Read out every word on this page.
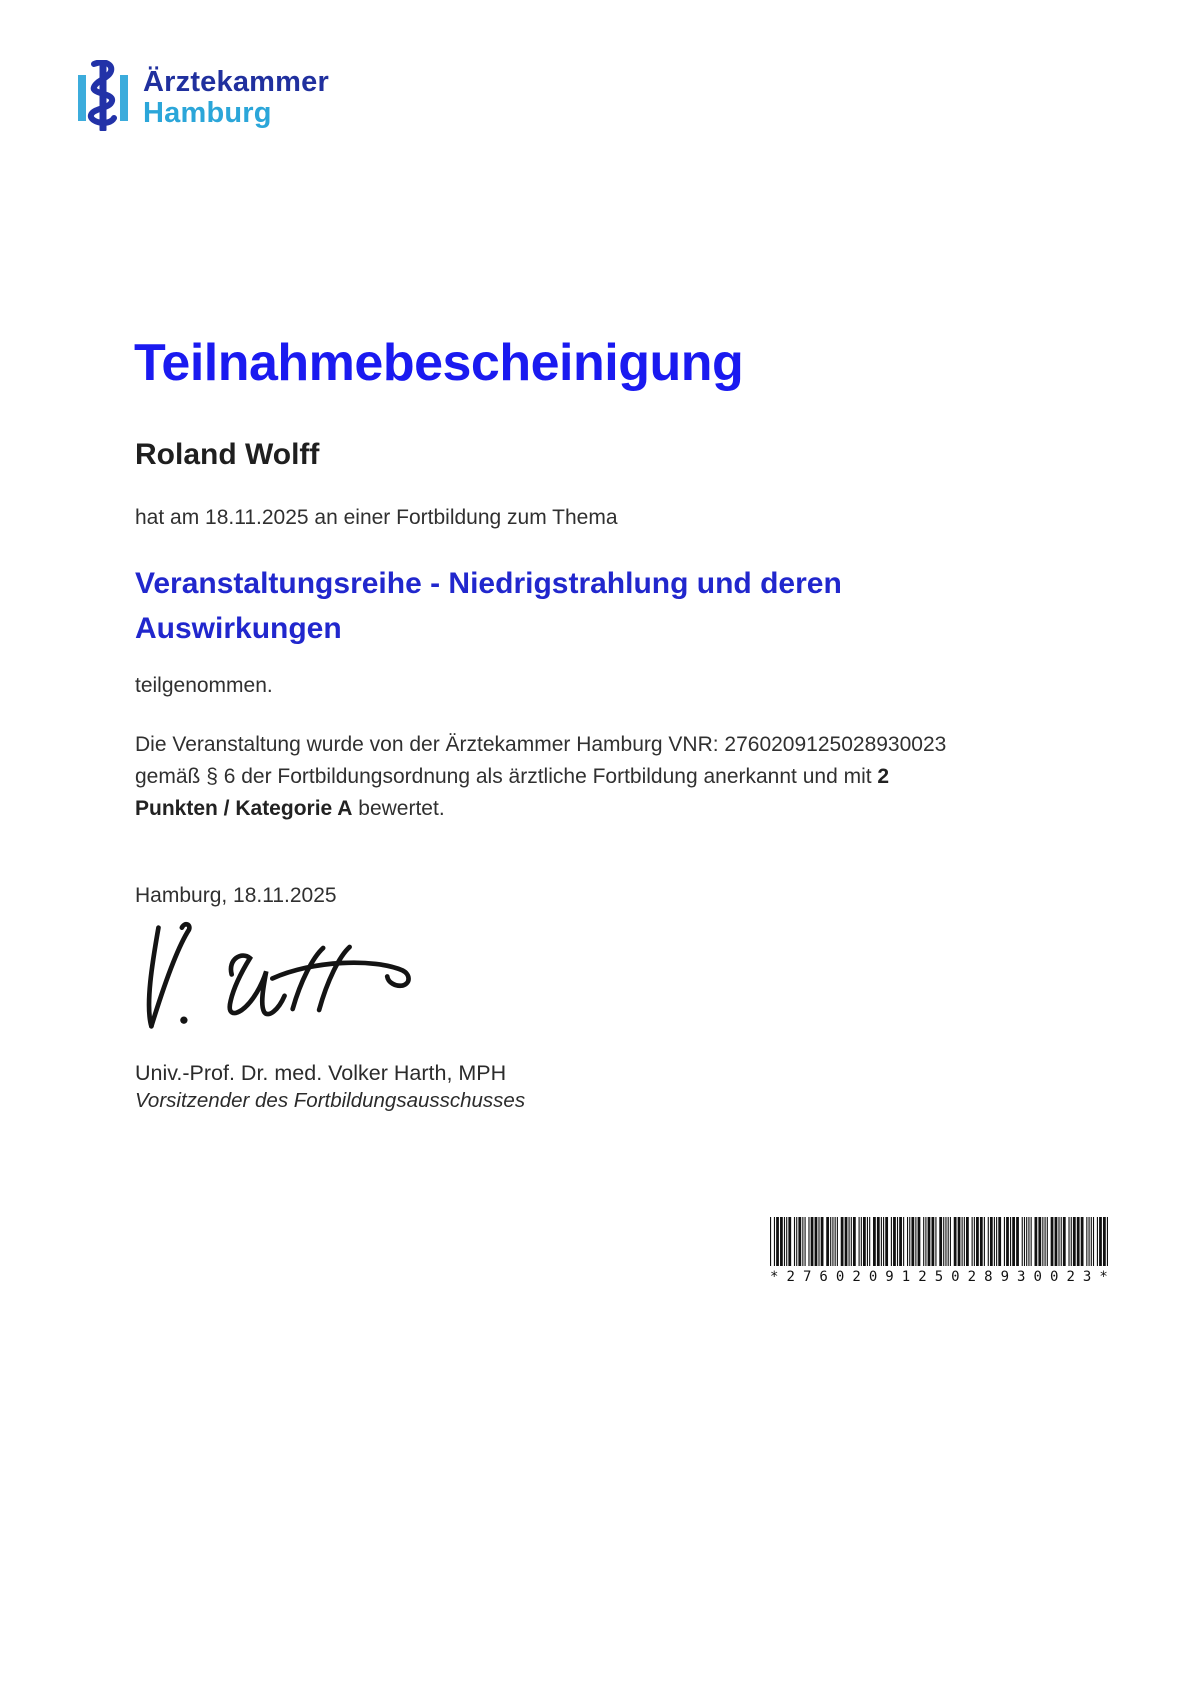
Ärztekammer
Hamburg
Teilnahmebescheinigung
Roland Wolff

hat am 18.11.2025 an einer Fortbildung zum Thema

Veranstaltungsreihe - Niedrigstrahlung und deren Auswirkungen

teilgenommen.

Die Veranstaltung wurde von der Ärztekammer Hamburg VNR: 2760209125028930023 gemäß § 6 der Fortbildungsordnung als ärztliche Fortbildung anerkannt und mit 2 Punkten / Kategorie A bewertet.

Hamburg, 18.11.2025

Univ.-Prof. Dr. med. Volker Harth, MPH
Vorsitzender des Fortbildungsausschusses
* 2 7 6 0 2 0 9 1 2 5 0 2 8 9 3 0 0 2 3 *
